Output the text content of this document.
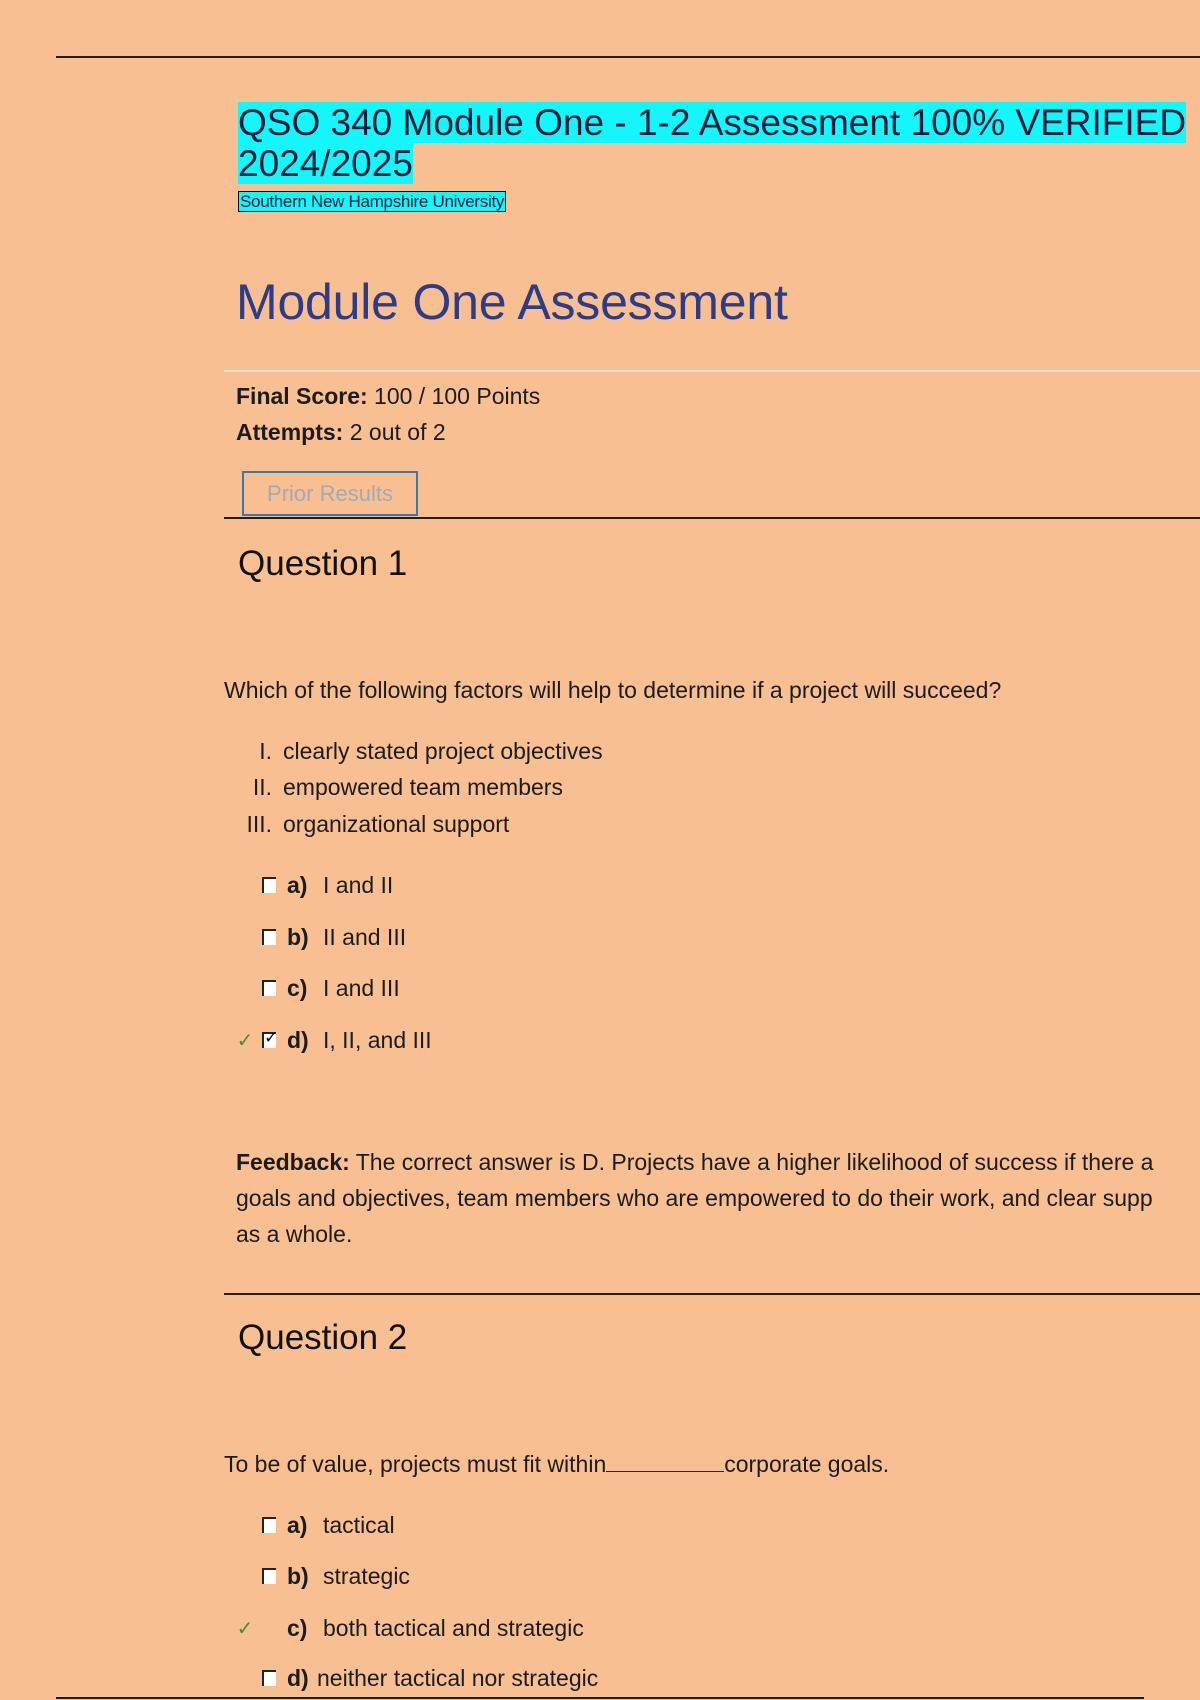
QSO 340 Module One - 1-2 Assessment 100% VERIFIED 2024/2025
Southern New Hampshire University
Module One Assessment
Final Score: 100 / 100 Points
Attempts: 2 out of 2
Prior Results
Question 1
Which of the following factors will help to determine if a project will succeed?
I. clearly stated project objectives
II. empowered team members
III. organizational support
a) I and II
b) II and III
c) I and III
✓ ✓ d) I, II, and III

Feedback: The correct answer is D. Projects have a higher likelihood of success if there a

goals and objectives, team members who are empowered to do their work, and clear supp

as a whole.

Question 2
To be of value, projects must fit within	corporate goals.
a) tactical
b) strategic
✓ c) both tactical and strategic
d) neither tactical nor strategic
